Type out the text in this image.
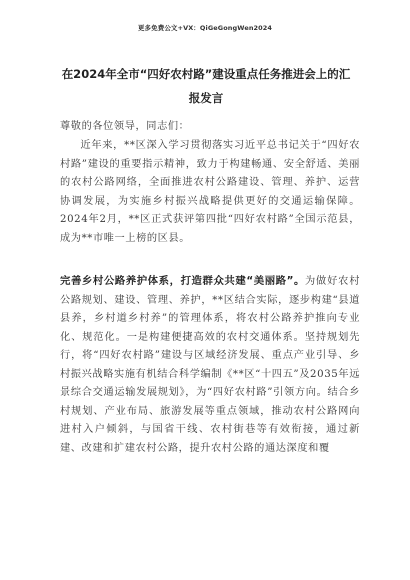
更多免费公文+VX：QiGeGongWen2024
在2024年全市“四好农村路”建设重点任务推进会上的汇报发言

尊敬的各位领导，同志们：

近年来，**区深入学习贯彻落实习近平总书记关于“四好农村路”建设的重要指示精神，致力于构建畅通、安全舒适、美丽的农村公路网络，全面推进农村公路建设、管理、养护、运营协调发展，为实施乡村振兴战略提供更好的交通运输保障。2024年2月，**区正式获评第四批“四好农村路”全国示范县，成为**市唯一上榜的区县。

完善乡村公路养护体系，打造群众共建“美丽路”。为做好农村公路规划、建设、管理、养护，**区结合实际，逐步构建“县道县养，乡村道乡村养”的管理体系，将农村公路养护推向专业化、规范化。一是构建便捷高效的农村交通体系。坚持规划先行，将“四好农村路”建设与区域经济发展、重点产业引导、乡村振兴战略实施有机结合科学编制《**区“十四五”及2035年远景综合交通运输发展规划》，为“四好农村路”引领方向。结合乡村规划、产业布局、旅游发展等重点领域，推动农村公路网向进村入户倾斜，与国省干线、农村街巷等有效衔接，通过新建、改建和扩建农村公路，提升农村公路的通达深度和覆
